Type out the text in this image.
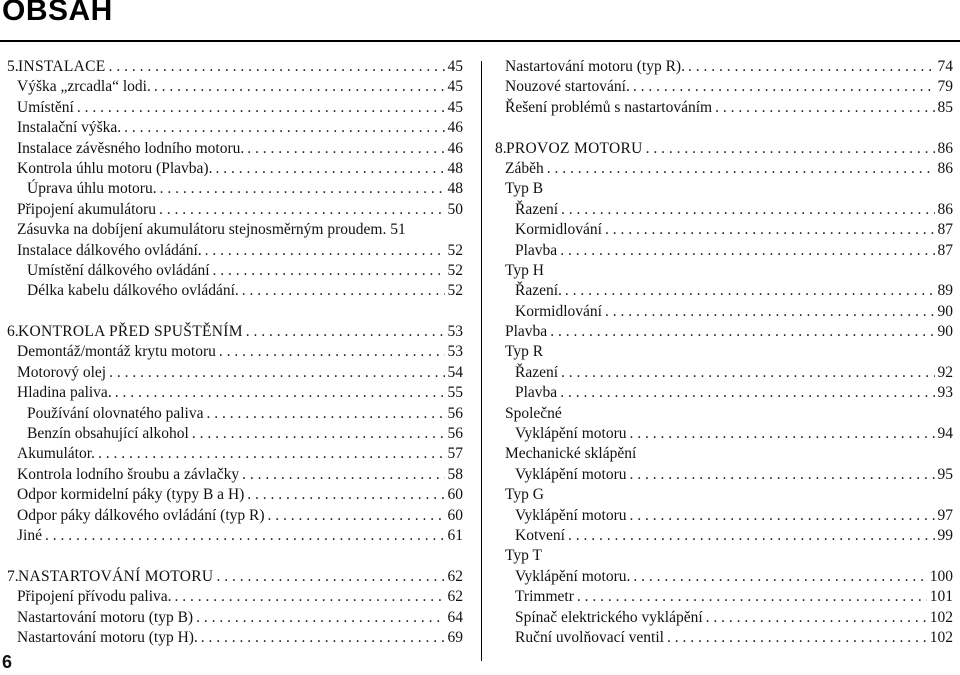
OBSAH
5. INSTALACE . . .	45
Výška „zrcadla“ lodi. . . .	45
Umístění . . .	45
Instalační výška. . . .	46
Instalace závěsného lodního motoru. . . .	46
Kontrola úhlu motoru (Plavba). . . .	48
Úprava úhlu motoru. . . .	48
Připojení akumulátoru . . .	50
Zásuvka na dobíjení akumulátoru stejnosměrným proudem. 51
Instalace dálkového ovládání. . . .	52
Umístění dálkového ovládání . . .	52
Délka kabelu dálkového ovládání. . . .	52
6. KONTROLA PŘED SPUŠTĚNÍM . . .	53
Demontáž/montáž krytu motoru . . .	53
Motorový olej . . .	54
Hladina paliva. . . .	55
Používání olovnatého paliva . . .	56
Benzín obsahující alkohol . . .	56
Akumulátor. . . .	57
Kontrola lodního šroubu a závlačky . . .	58
Odpor kormidelní páky (typy B a H) . . .	60
Odpor páky dálkového ovládání (typ R) . . .	60
Jiné . . .	61
7. NASTARTOVÁNÍ MOTORU . . .	62
Připojení přívodu paliva. . . .	62
Nastartování motoru (typ B) . . .	64
Nastartování motoru (typ H). . . .	69
Nastartování motoru (typ R). . . .	74
Nouzové startování. . . .	79
Řešení problémů s nastartováním . . .	85
8. PROVOZ MOTORU . . .	86
Záběh . . .	86
Typ B
Řazení . . .	86
Kormidlování . . .	87
Plavba . . .	87
Typ H
Řazení. . . .	89
Kormidlování . . .	90
Plavba . . .	90
Typ R
Řazení . . .	92
Plavba . . .	93
Společné
Vyklápění motoru . . .	94
Mechanické sklápění
Vyklápění motoru . . .	95
Typ G
Vyklápění motoru . . .	97
Kotvení . . .	99
Typ T
Vyklápění motoru. . . .	100
Trimmetr . . .	101
Spínač elektrického vyklápění . . .	102
Ruční uvolňovací ventil . . .	102
6
